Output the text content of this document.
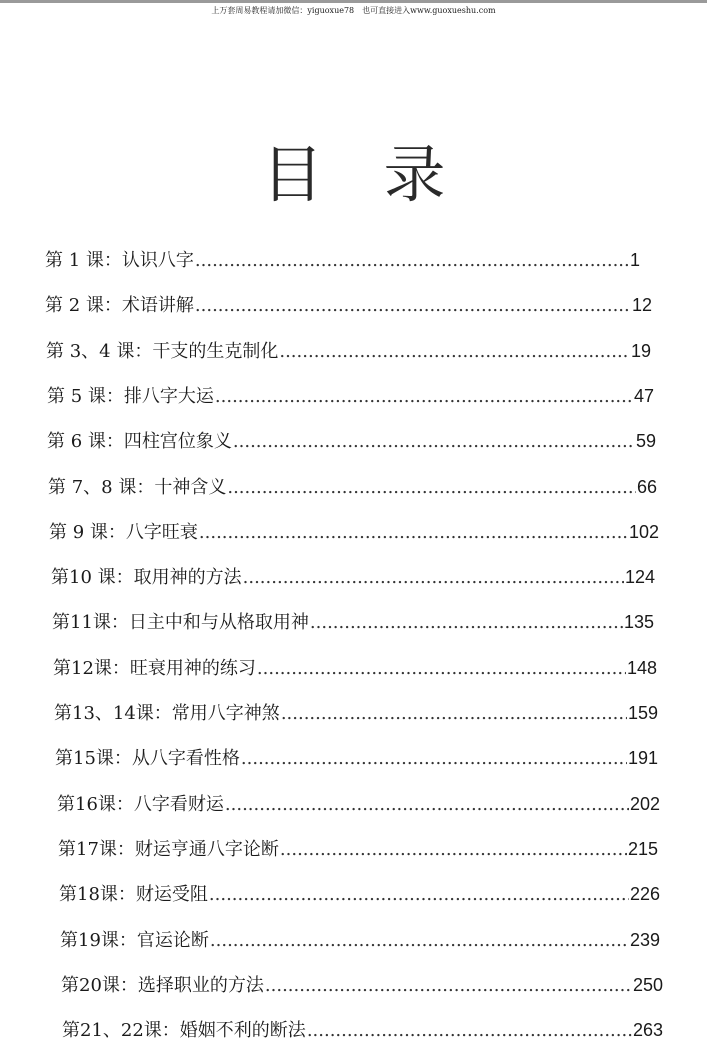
上万套周易教程请加微信：yiguoxue78　也可直接进入www.guoxueshu.com
目录
第 1 课：认识八字 .....	1
第 2 课：术语讲解 .....	12
第 3、4 课：干支的生克制化 .....	19
第 5 课：排八字大运 .....	47
第 6 课：四柱宫位象义 .....	59
第 7、8 课：十神含义 .....	66
第 9 课：八字旺衰 .....	102
第10 课：取用神的方法 .....	124
第11课：日主中和与从格取用神 .....	135
第12课：旺衰用神的练习 .....	148
第13、14课：常用八字神煞 .....	159
第15课：从八字看性格 .....	191
第16课：八字看财运 .....	202
第17课：财运亨通八字论断 .....	215
第18课：财运受阻 .....	226
第19课：官运论断 .....	239
第20课：选择职业的方法 .....	250
第21、22课：婚姻不利的断法 .....	263
